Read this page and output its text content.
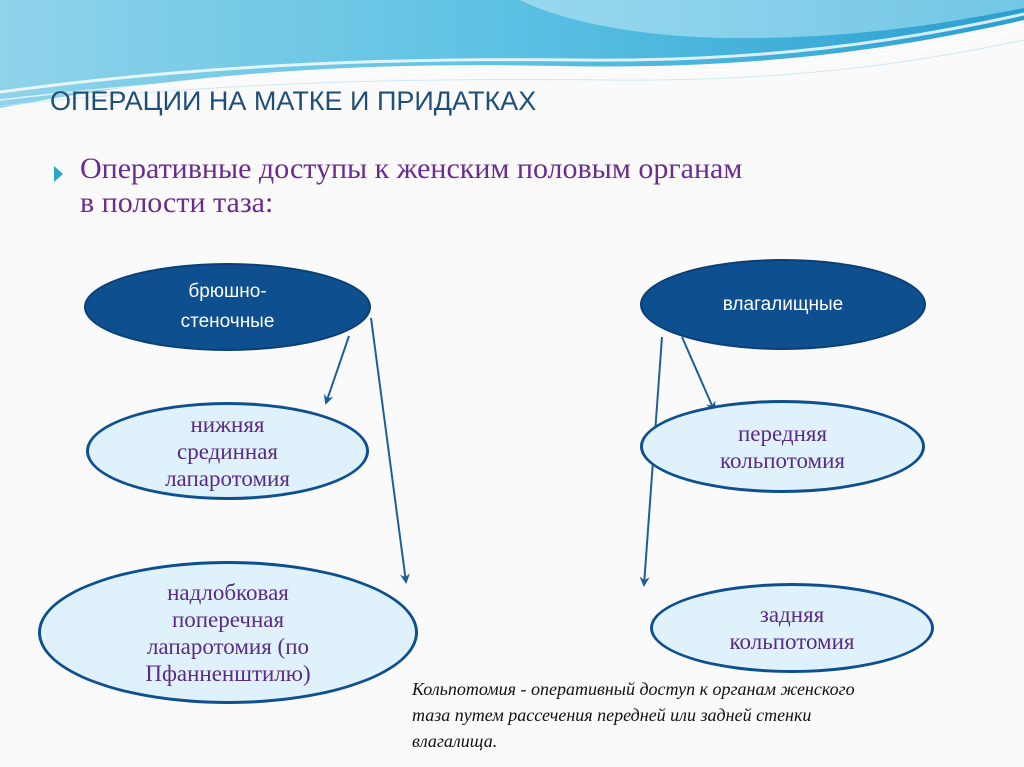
ОПЕРАЦИИ НА МАТКЕ И ПРИДАТКАХ

Оперативные доступы к женским половым органам
в полости таза:

брюшно-
стеночные
влагалищные
нижняя
срединная
лапаротомия
передняя
кольпотомия
надлобковая
поперечная
лапаротомия (по
Пфанненштилю)
задняя
кольпотомия

Кольпотомия - оперативный доступ к органам женского
таза путем рассечения передней или задней стенки
влагалища.
